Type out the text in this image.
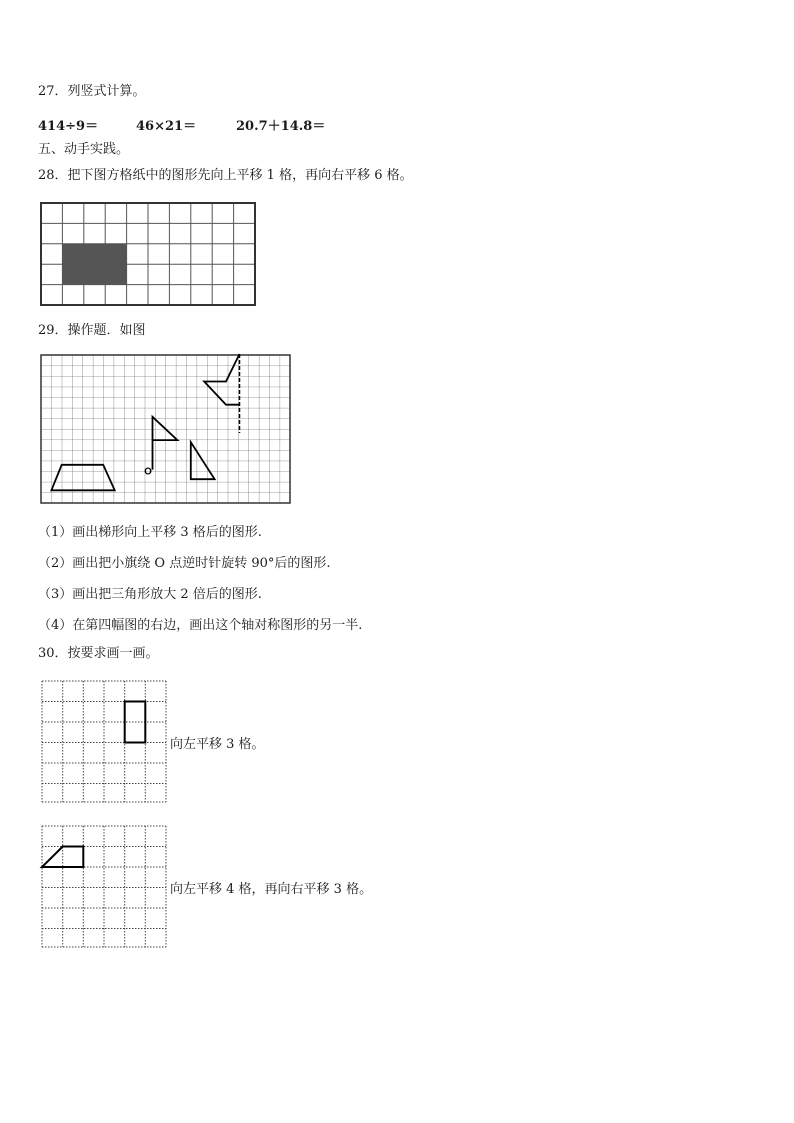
27．列竖式计算。
414÷9＝	46×21＝	20.7＋14.8＝
五、动手实践。
28．把下图方格纸中的图形先向上平移 1 格，再向右平移 6 格。
29．操作题．如图
O
（1）画出梯形向上平移 3 格后的图形.
（2）画出把小旗绕 O 点逆时针旋转 90°后的图形.
（3）画出把三角形放大 2 倍后的图形.
（4）在第四幅图的右边，画出这个轴对称图形的另一半.
30．按要求画一画。
向左平移 3 格。
向左平移 4 格，再向右平移 3 格。
